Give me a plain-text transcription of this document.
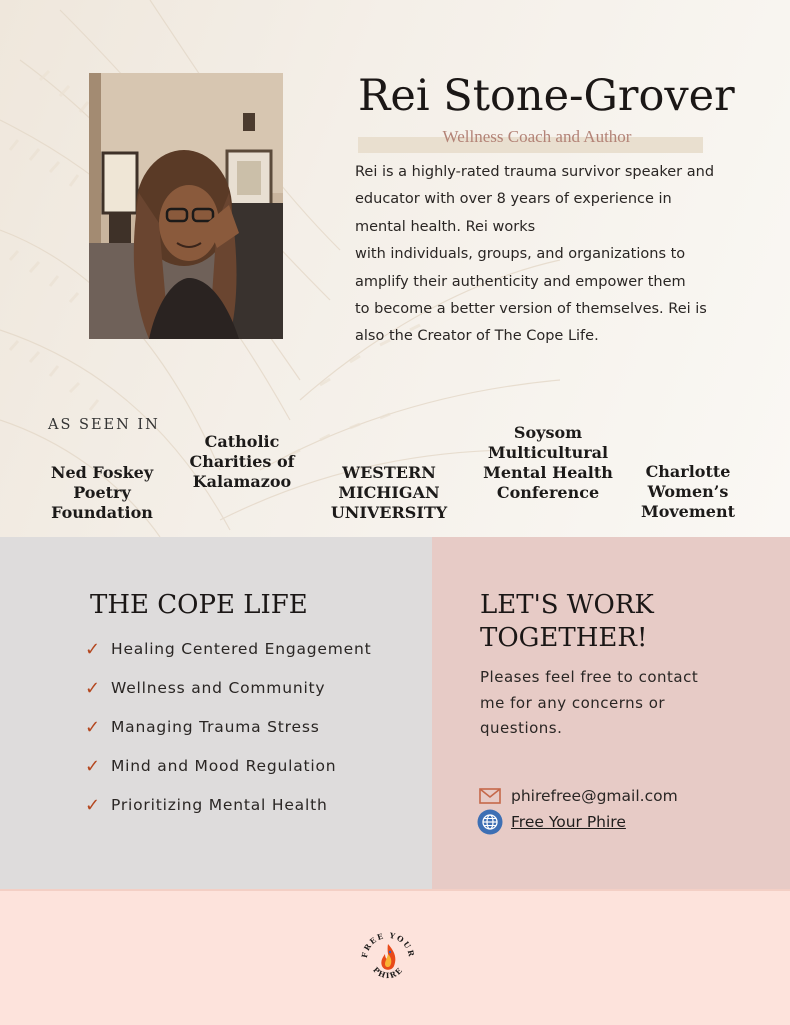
Rei Stone-Grover
Wellness Coach and Author
Rei is a highly-rated trauma survivor speaker and
educator with over 8 years of experience in
mental health. Rei works
with individuals, groups, and organizations to
amplify their authenticity and empower them
to become a better version of themselves. Rei is
also the Creator of The Cope Life.
AS SEEN IN
Ned Foskey
Poetry
Foundation
Catholic
Charities of
Kalamazoo	WESTERN
MICHIGAN
UNIVERSITY
Soysom
Multicultural
Mental Health
Conference
Charlotte
Women’s
Movement
THE COPE LIFE
✓ Healing Centered Engagement
✓ Wellness and Community
✓ Managing Trauma Stress
✓ Mind and Mood Regulation
✓ Prioritizing Mental Health
LET'S WORK
TOGETHER!
Pleases feel free to contact
me for any concerns or
questions.
phirefree@gmail.com
Free Your Phire
FREE YOUR
PHIRE
